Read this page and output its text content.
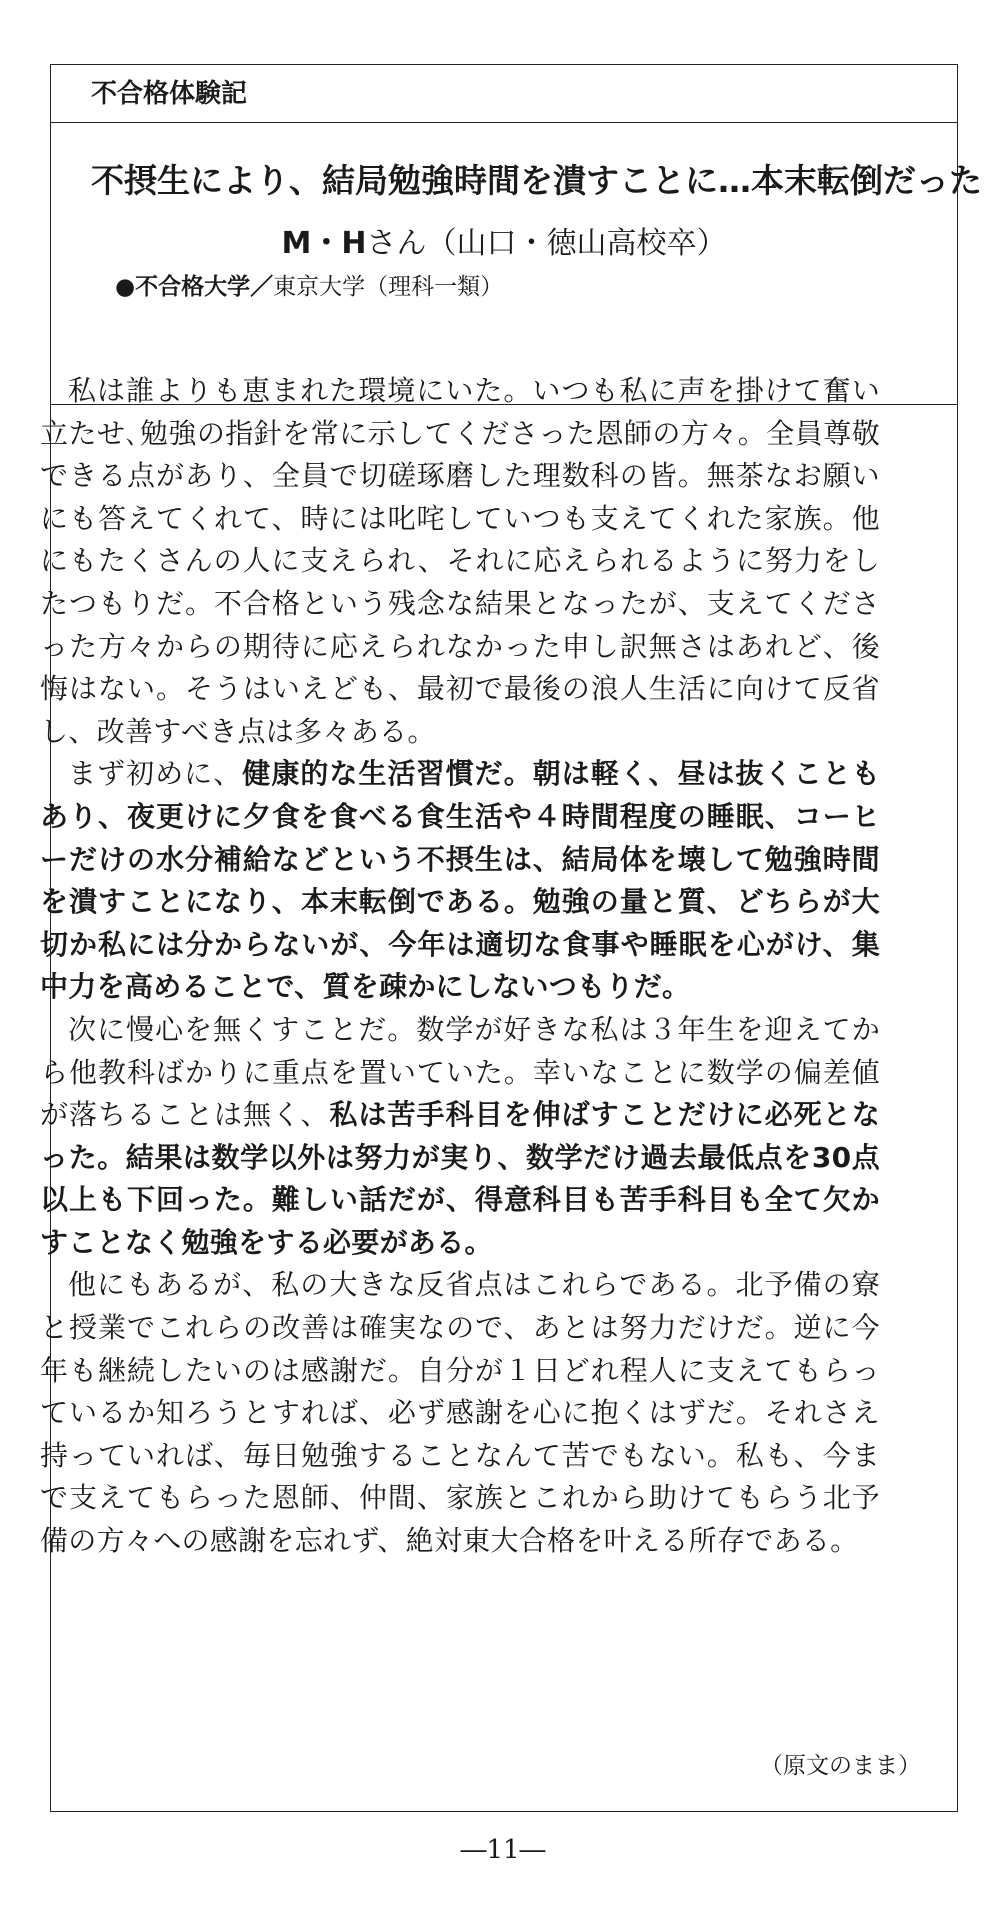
不合格体験記
不摂生により、結局勉強時間を潰すことに…本末転倒だった
M・Hさん（山口・徳山高校卒）
●不合格大学／東京大学（理科一類）
（原文のまま）

私は誰よりも恵まれた環境にいた。いつも私に声を掛けて奮い立たせ､勉強の指針を常に示してくださった恩師の方々。全員尊敬できる点があり、全員で切磋琢磨した理数科の皆。無茶なお願いにも答えてくれて、時には叱咤していつも支えてくれた家族。他にもたくさんの人に支えられ、それに応えられるように努力をしたつもりだ。不合格という残念な結果となったが、支えてくださった方々からの期待に応えられなかった申し訳無さはあれど、後悔はない。そうはいえども、最初で最後の浪人生活に向けて反省し、改善すべき点は多々ある。

まず初めに、健康的な生活習慣だ。朝は軽く、昼は抜くこともあり、夜更けに夕食を食べる食生活や４時間程度の睡眠、コーヒーだけの水分補給などという不摂生は、結局体を壊して勉強時間を潰すことになり、本末転倒である。勉強の量と質、どちらが大切か私には分からないが、今年は適切な食事や睡眠を心がけ、集中力を高めることで、質を疎かにしないつもりだ。

次に慢心を無くすことだ。数学が好きな私は３年生を迎えてから他教科ばかりに重点を置いていた。幸いなことに数学の偏差値が落ちることは無く、私は苦手科目を伸ばすことだけに必死となった。結果は数学以外は努力が実り、数学だけ過去最低点を30点以上も下回った。難しい話だが、得意科目も苦手科目も全て欠かすことなく勉強をする必要がある。

他にもあるが、私の大きな反省点はこれらである。北予備の寮と授業でこれらの改善は確実なので、あとは努力だけだ。逆に今年も継続したいのは感謝だ。自分が１日どれ程人に支えてもらっているか知ろうとすれば、必ず感謝を心に抱くはずだ。それさえ持っていれば、毎日勉強することなんて苦でもない。私も、今まで支えてもらった恩師、仲間、家族とこれから助けてもらう北予備の方々への感謝を忘れず、絶対東大合格を叶える所存である。

―11―
